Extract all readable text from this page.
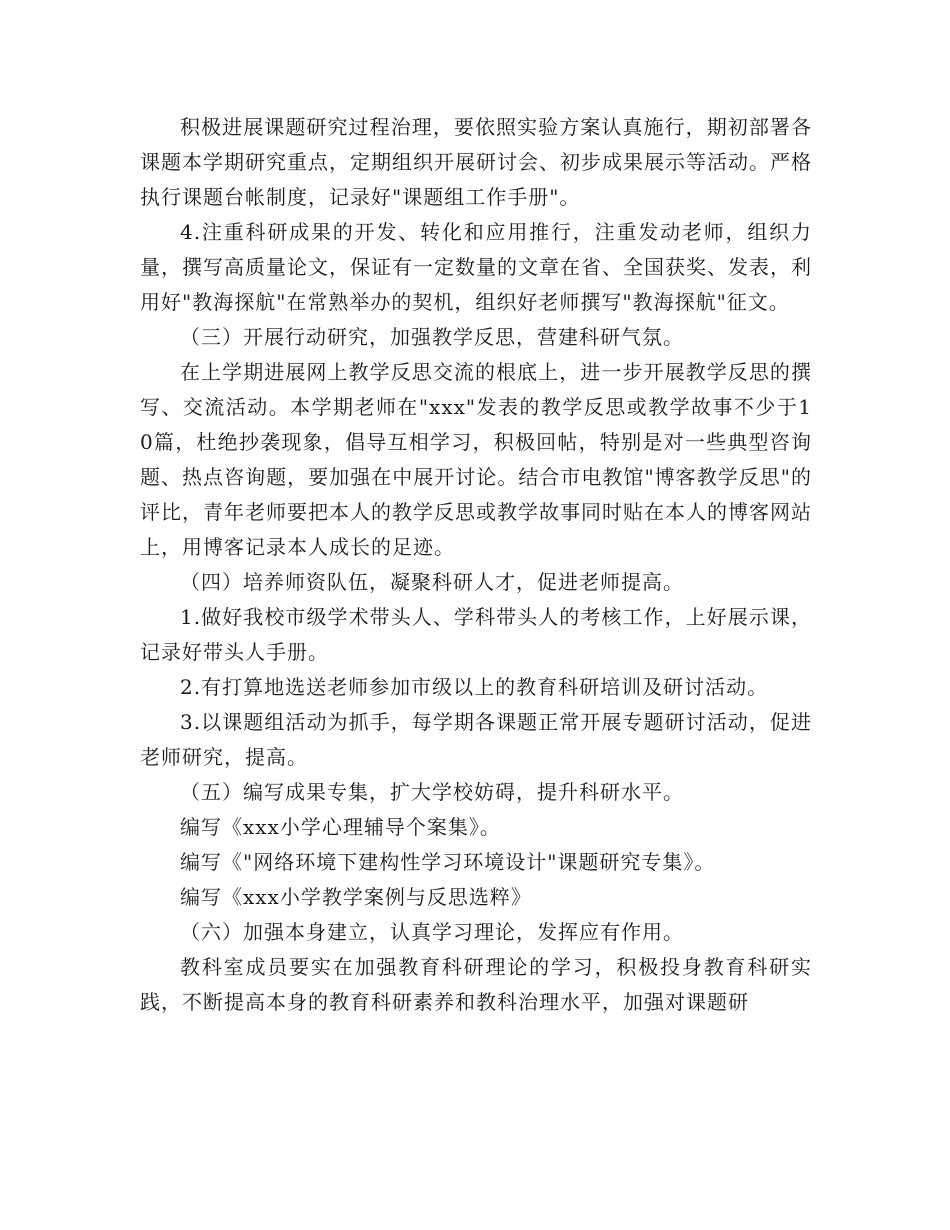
积极进展课题研究过程治理，要依照实验方案认真施行，期初部署各课题本学期研究重点，定期组织开展研讨会、初步成果展示等活动。严格执行课题台帐制度，记录好"课题组工作手册"。

4.注重科研成果的开发、转化和应用推行，注重发动老师，组织力量，撰写高质量论文，保证有一定数量的文章在省、全国获奖、发表，利用好"教海探航"在常熟举办的契机，组织好老师撰写"教海探航"征文。

（三）开展行动研究，加强教学反思，营建科研气氛。

在上学期进展网上教学反思交流的根底上，进一步开展教学反思的撰写、交流活动。本学期老师在"xxx"发表的教学反思或教学故事不少于10篇，杜绝抄袭现象，倡导互相学习，积极回帖，特别是对一些典型咨询题、热点咨询题，要加强在中展开讨论。结合市电教馆"博客教学反思"的评比，青年老师要把本人的教学反思或教学故事同时贴在本人的博客网站上，用博客记录本人成长的足迹。

（四）培养师资队伍，凝聚科研人才，促进老师提高。

1.做好我校市级学术带头人、学科带头人的考核工作，上好展示课，记录好带头人手册。

2.有打算地选送老师参加市级以上的教育科研培训及研讨活动。

3.以课题组活动为抓手，每学期各课题正常开展专题研讨活动，促进老师研究，提高。

（五）编写成果专集，扩大学校妨碍，提升科研水平。

编写《xxx小学心理辅导个案集》。

编写《"网络环境下建构性学习环境设计"课题研究专集》。

编写《xxx小学教学案例与反思选粹》

（六）加强本身建立，认真学习理论，发挥应有作用。

教科室成员要实在加强教育科研理论的学习，积极投身教育科研实践，不断提高本身的教育科研素养和教科治理水平，加强对课题研
